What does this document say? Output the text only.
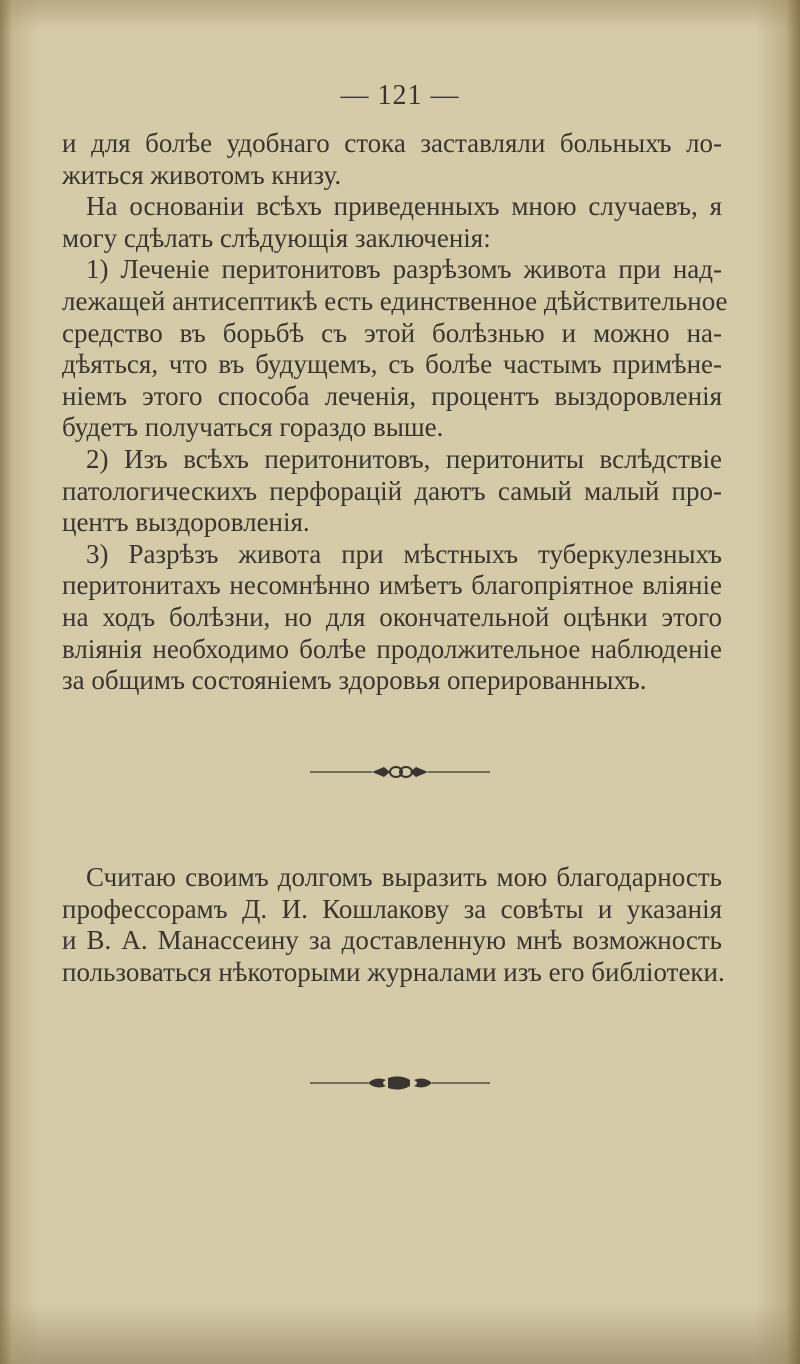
— 121 —
и для болѣе удобнаго стока заставляли больныхъ ло-
житься животомъ книзу.
На основаніи всѣхъ приведенныхъ мною случаевъ, я
могу сдѣлать слѣдующія заключенія:
1) Леченіе перитонитовъ разрѣзомъ живота при над-
лежащей антисептикѣ есть единственное дѣйствительное
средство въ борьбѣ съ этой болѣзнью и можно на-
дѣяться, что въ будущемъ, съ болѣе частымъ примѣне-
ніемъ этого способа леченія, процентъ выздоровленія
будетъ получаться гораздо выше.
2) Изъ всѣхъ перитонитовъ, перитониты вслѣдствіе
патологическихъ перфорацій даютъ самый малый про-
центъ выздоровленія.
3) Разрѣзъ живота при мѣстныхъ туберкулезныхъ
перитонитахъ несомнѣнно имѣетъ благопріятное вліяніе
на ходъ болѣзни, но для окончательной оцѣнки этого
вліянія необходимо болѣе продолжительное наблюденіе
за общимъ состояніемъ здоровья оперированныхъ.
Считаю своимъ долгомъ выразить мою благодарность
профессорамъ Д. И. Кошлакову за совѣты и указанія
и В. А. Манассеину за доставленную мнѣ возможность
пользоваться нѣкоторыми журналами изъ его библіотеки.
